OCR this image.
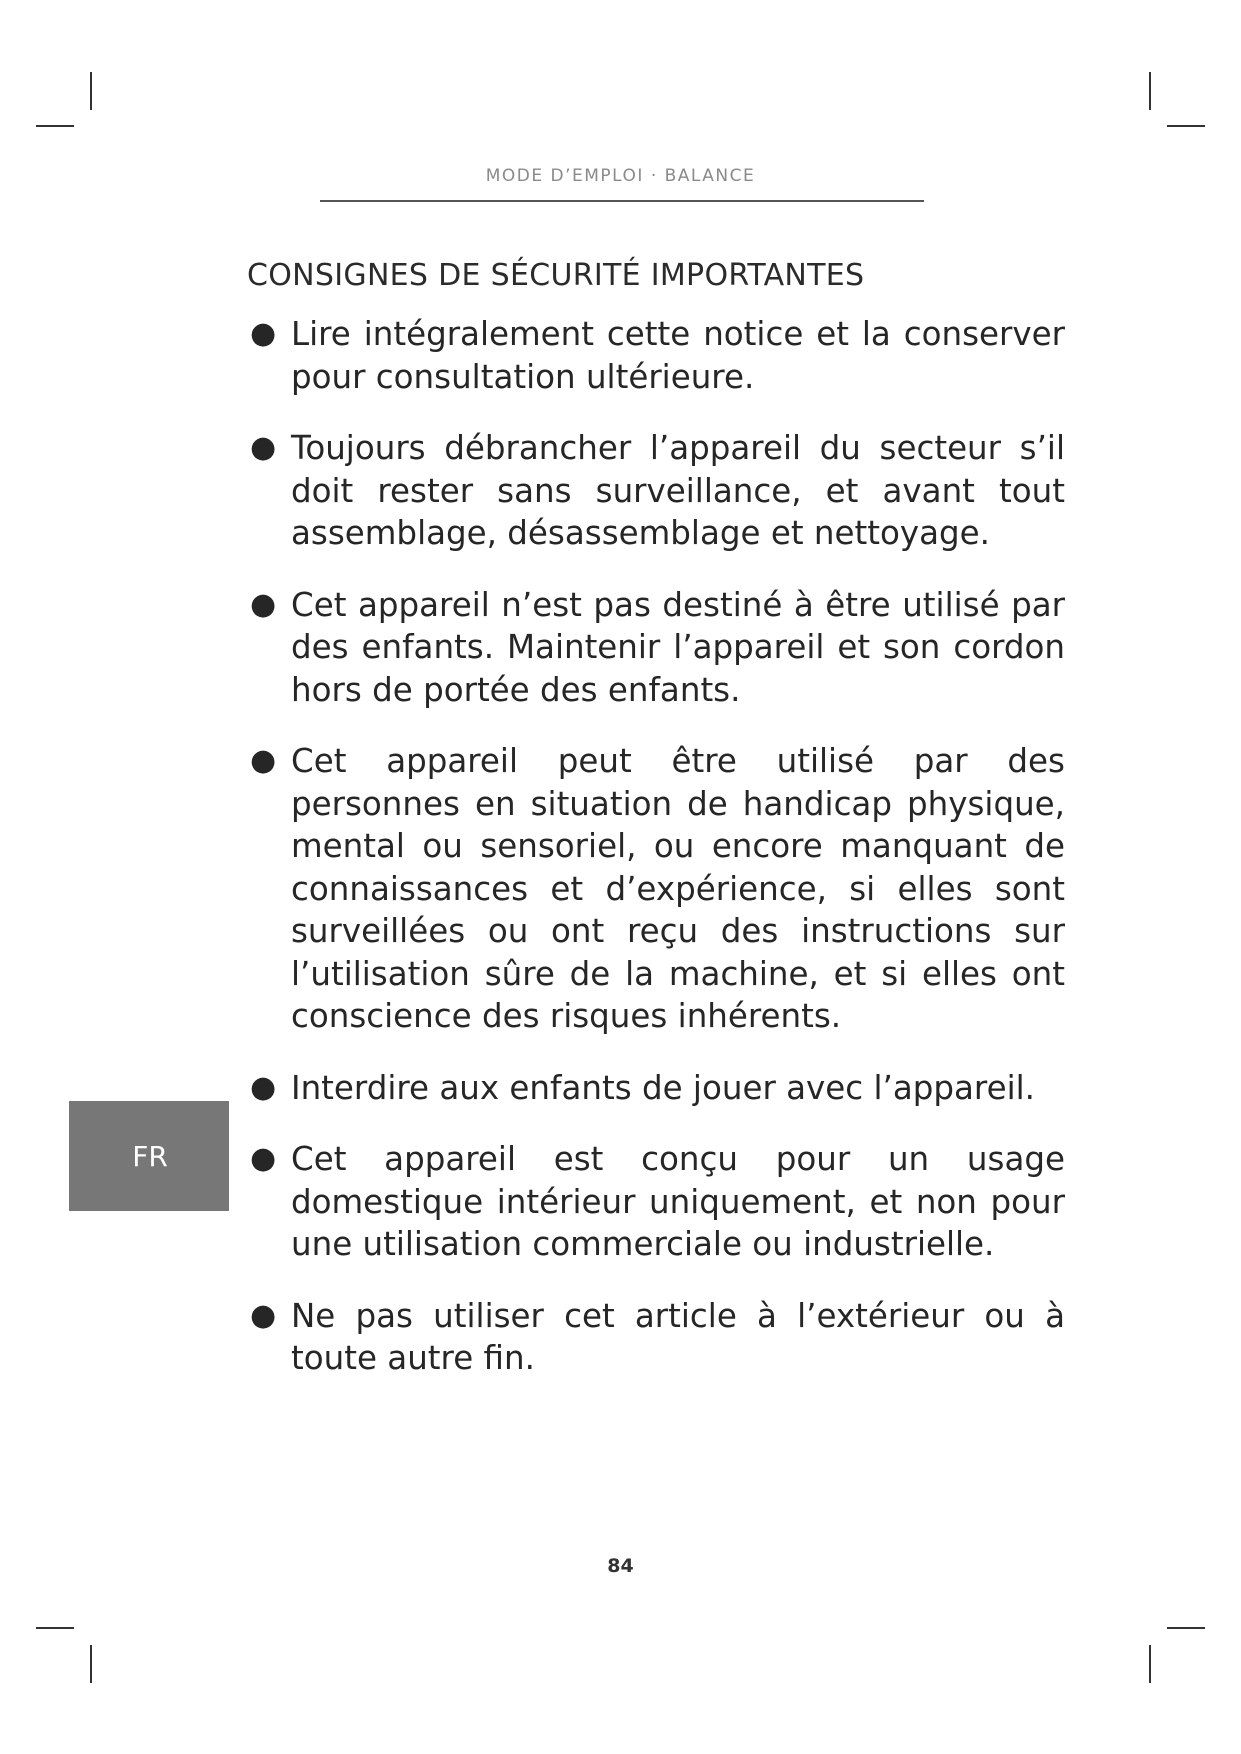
MODE D’EMPLOI · BALANCE
CONSIGNES DE SÉCURITÉ IMPORTANTES
● Lire intégralement cette notice et la conserver pour consultation ultérieure.
● Toujours débrancher l’appareil du secteur s’il doit rester sans surveillance, et avant tout assemblage, désassemblage et nettoyage.
● Cet appareil n’est pas destiné à être utilisé par des enfants. Maintenir l’appareil et son cordon hors de portée des enfants.
● Cet appareil peut être utilisé par des personnes en situation de handicap physique, mental ou sensoriel, ou encore manquant de connaissances et d’expérience, si elles sont surveillées ou ont reçu des instructions sur l’utilisation sûre de la machine, et si elles ont conscience des risques inhérents.
● Interdire aux enfants de jouer avec l’appareil.
● Cet appareil est conçu pour un usage domestique intérieur uniquement, et non pour une utilisation commerciale ou industrielle.
● Ne pas utiliser cet article à l’extérieur ou à toute autre fin.
FR
84
